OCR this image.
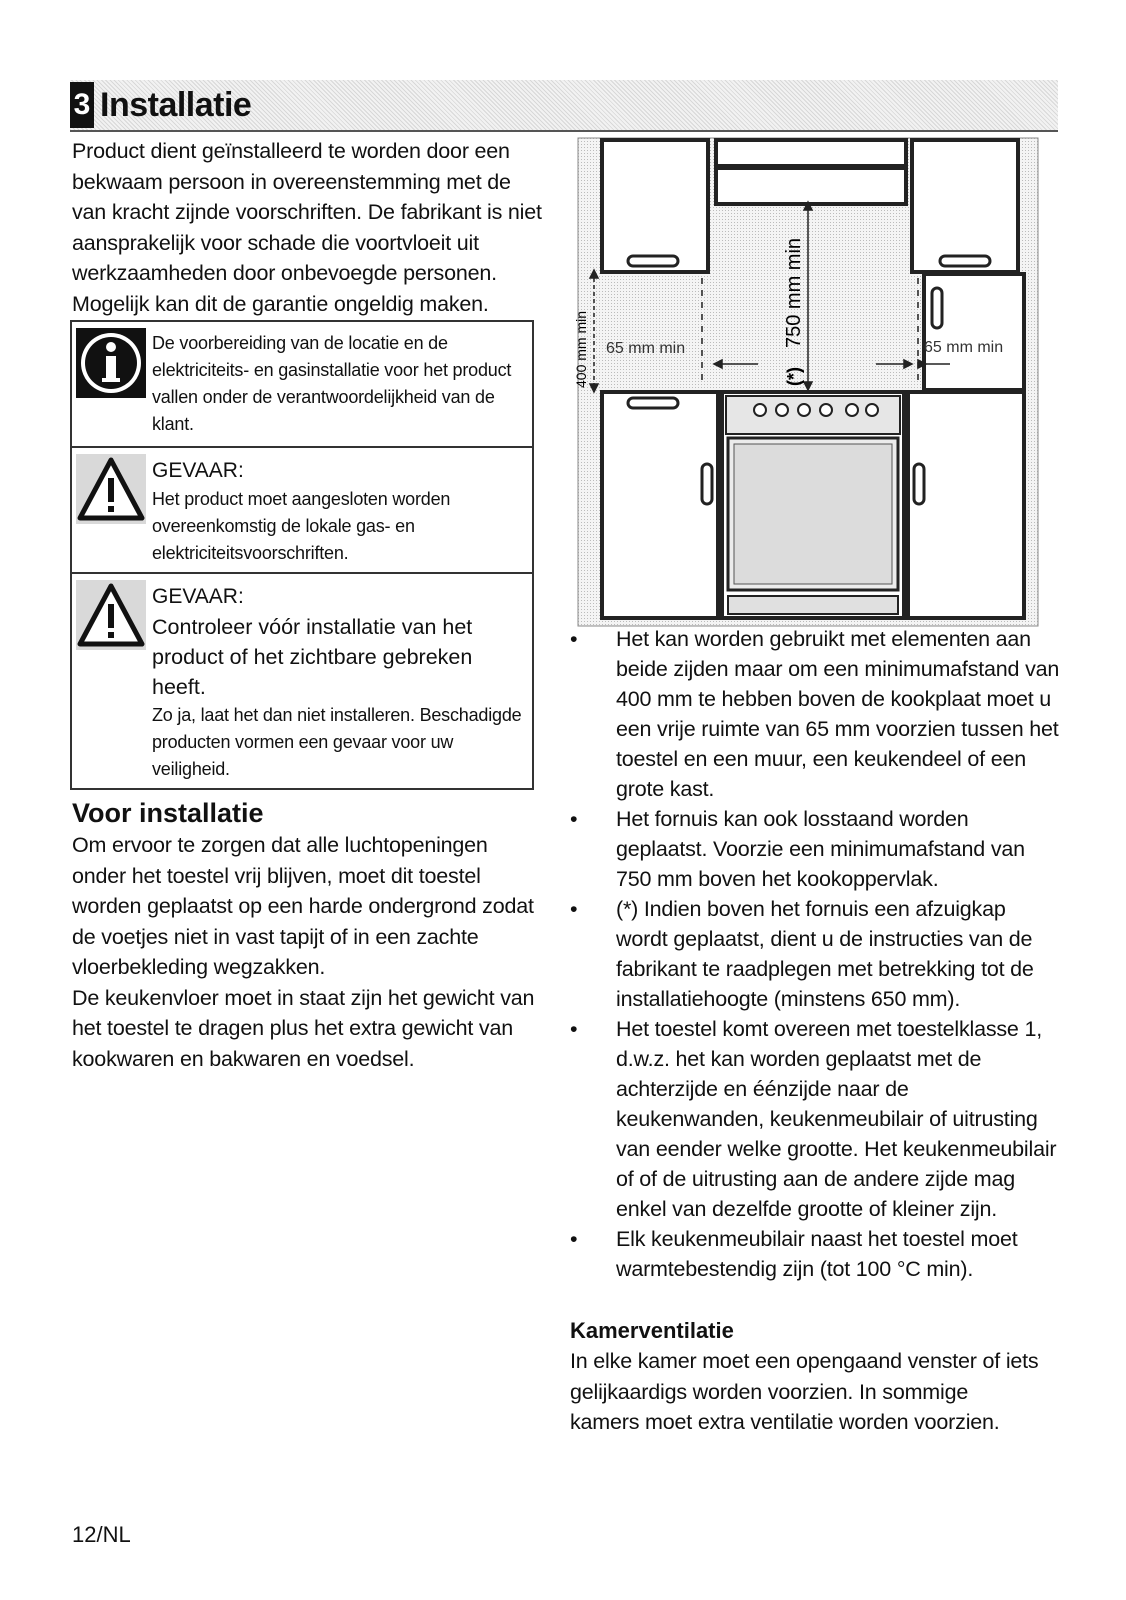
3 Installatie

Product dient geïnstalleerd te worden door een bekwaam persoon in overeenstemming met de van kracht zijnde voorschriften. De fabrikant is niet aansprakelijk voor schade die voortvloeit uit werkzaamheden door onbevoegde personen. Mogelijk kan dit de garantie ongeldig maken.

De voorbereiding van de locatie en de elektriciteits- en gasinstallatie voor het product vallen onder de verantwoordelijkheid van de klant.

GEVAAR:

Het product moet aangesloten worden overeenkomstig de lokale gas- en elektriciteitsvoorschriften.

GEVAAR:

Controleer vóór installatie van het product of het zichtbare gebreken heeft.

Zo ja, laat het dan niet installeren. Beschadigde producten vormen een gevaar voor uw veiligheid.

Voor installatie

Om ervoor te zorgen dat alle luchtopeningen onder het toestel vrij blijven, moet dit toestel worden geplaatst op een harde ondergrond zodat de voetjes niet in vast tapijt of in een zachte vloerbekleding wegzakken.

De keukenvloer moet in staat zijn het gewicht van het toestel te dragen plus het extra gewicht van kookwaren en bakwaren en voedsel.

400 mm min
750 mm min
(*)
65 mm min	65 mm min
• Het kan worden gebruikt met elementen aan beide zijden maar om een minimumafstand van 400 mm te hebben boven de kookplaat moet u een vrije ruimte van 65 mm voorzien tussen het toestel en een muur, een keukendeel of een grote kast.
• Het fornuis kan ook losstaand worden geplaatst. Voorzie een minimumafstand van 750 mm boven het kookoppervlak.
• (*) Indien boven het fornuis een afzuigkap wordt geplaatst, dient u de instructies van de fabrikant te raadplegen met betrekking tot de installatiehoogte (minstens 650 mm).
• Het toestel komt overeen met toestelklasse 1, d.w.z. het kan worden geplaatst met de achterzijde en éénzijde naar de keukenwanden, keukenmeubilair of uitrusting van eender welke grootte. Het keukenmeubilair of of de uitrusting aan de andere zijde mag enkel van dezelfde grootte of kleiner zijn.
• Elk keukenmeubilair naast het toestel moet warmtebestendig zijn (tot 100 °C min).

Kamerventilatie

In elke kamer moet een opengaand venster of iets gelijkaardigs worden voorzien. In sommige kamers moet extra ventilatie worden voorzien.

12/NL
